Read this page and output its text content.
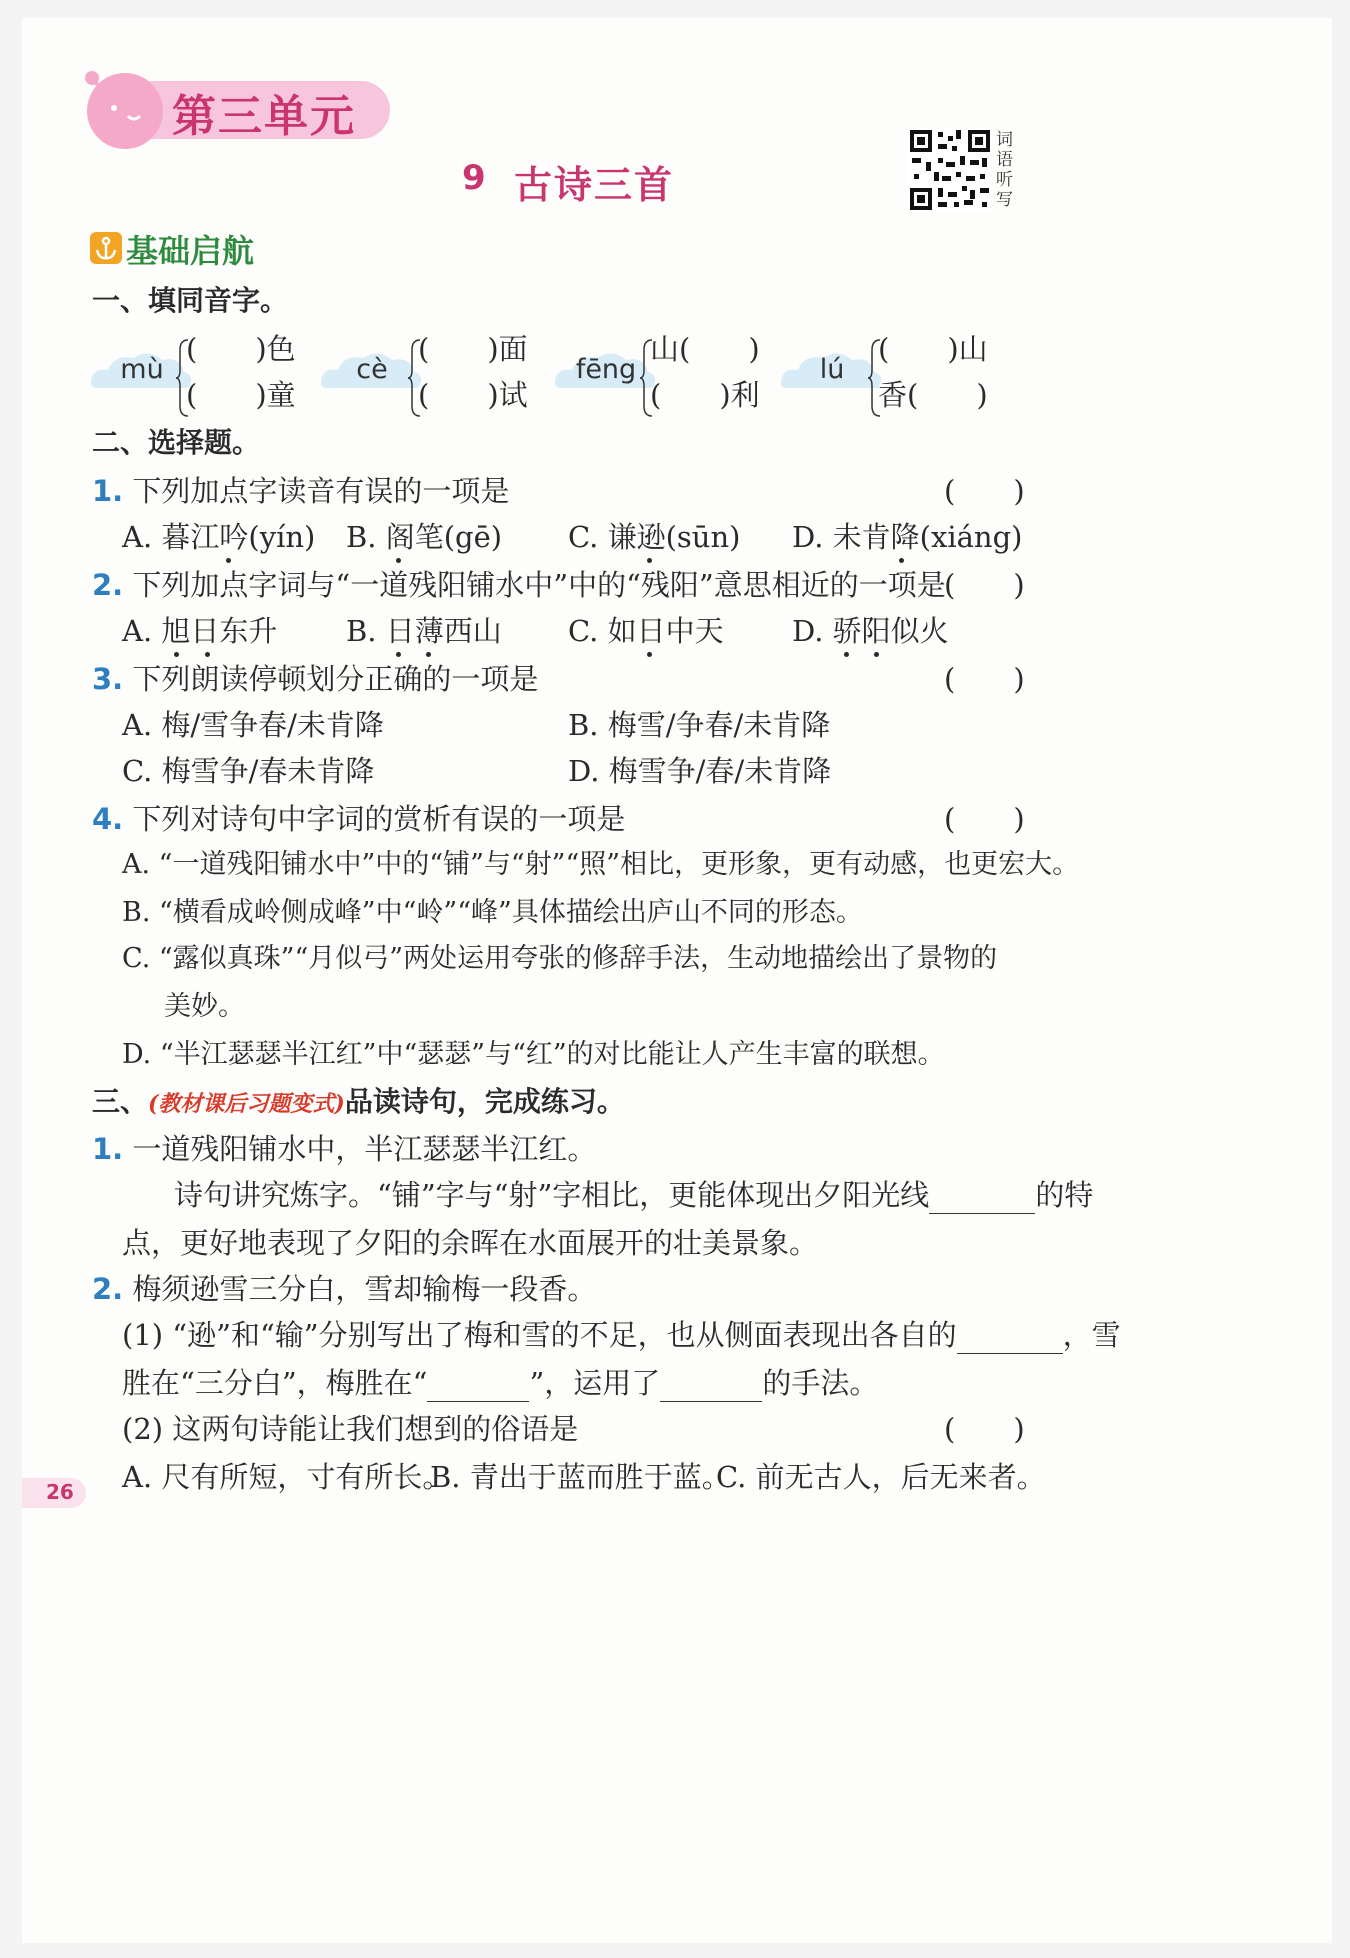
第三单元	词语听写
9 古诗三首
基础启航
一、填同音字。
mù
(　　)色
(　　)童
cè
(　　)面
(　　)试
fēng
山(　　)
(　　)利
lú
(　　)山
香(　　)
二、选择题。
1. 下列加点字读音有误的一项是	(　　)
A. 暮江吟(yín) B. 阁笔(gē) C. 谦逊(sūn) D. 未肯降(xiáng)
2. 下列加点字词与“一道残阳铺水中”中的“残阳”意思相近的一项是
(　　)
A. 旭日东升 B. 日薄西山 C. 如日中天 D. 骄阳似火
3. 下列朗读停顿划分正确的一项是	(　　)
A. 梅/雪争春/未肯降	B. 梅雪/争春/未肯降
C. 梅雪争/春未肯降	D. 梅雪争/春/未肯降
4. 下列对诗句中字词的赏析有误的一项是	(　　)
A. “一道残阳铺水中”中的“铺”与“射”“照”相比，更形象，更有动感，也更宏大。
B. “横看成岭侧成峰”中“岭”“峰”具体描绘出庐山不同的形态。
C. “露似真珠”“月似弓”两处运用夸张的修辞手法，生动地描绘出了景物的
美妙。
D. “半江瑟瑟半江红”中“瑟瑟”与“红”的对比能让人产生丰富的联想。
三、(教材课后习题变式)品读诗句，完成练习。
1. 一道残阳铺水中，半江瑟瑟半江红。
诗句讲究炼字。“铺”字与“射”字相比，更能体现出夕阳光线	的特
点，更好地表现了夕阳的余晖在水面展开的壮美景象。
2. 梅须逊雪三分白，雪却输梅一段香。
(1) “逊”和“输”分别写出了梅和雪的不足，也从侧面表现出各自的	，雪
胜在“三分白”，梅胜在“	”，运用了	的手法。
(2) 这两句诗能让我们想到的俗语是	(　　)
A. 尺有所短，寸有所长。
B. 青出于蓝而胜于蓝。
C. 前无古人，后无来者。
26
